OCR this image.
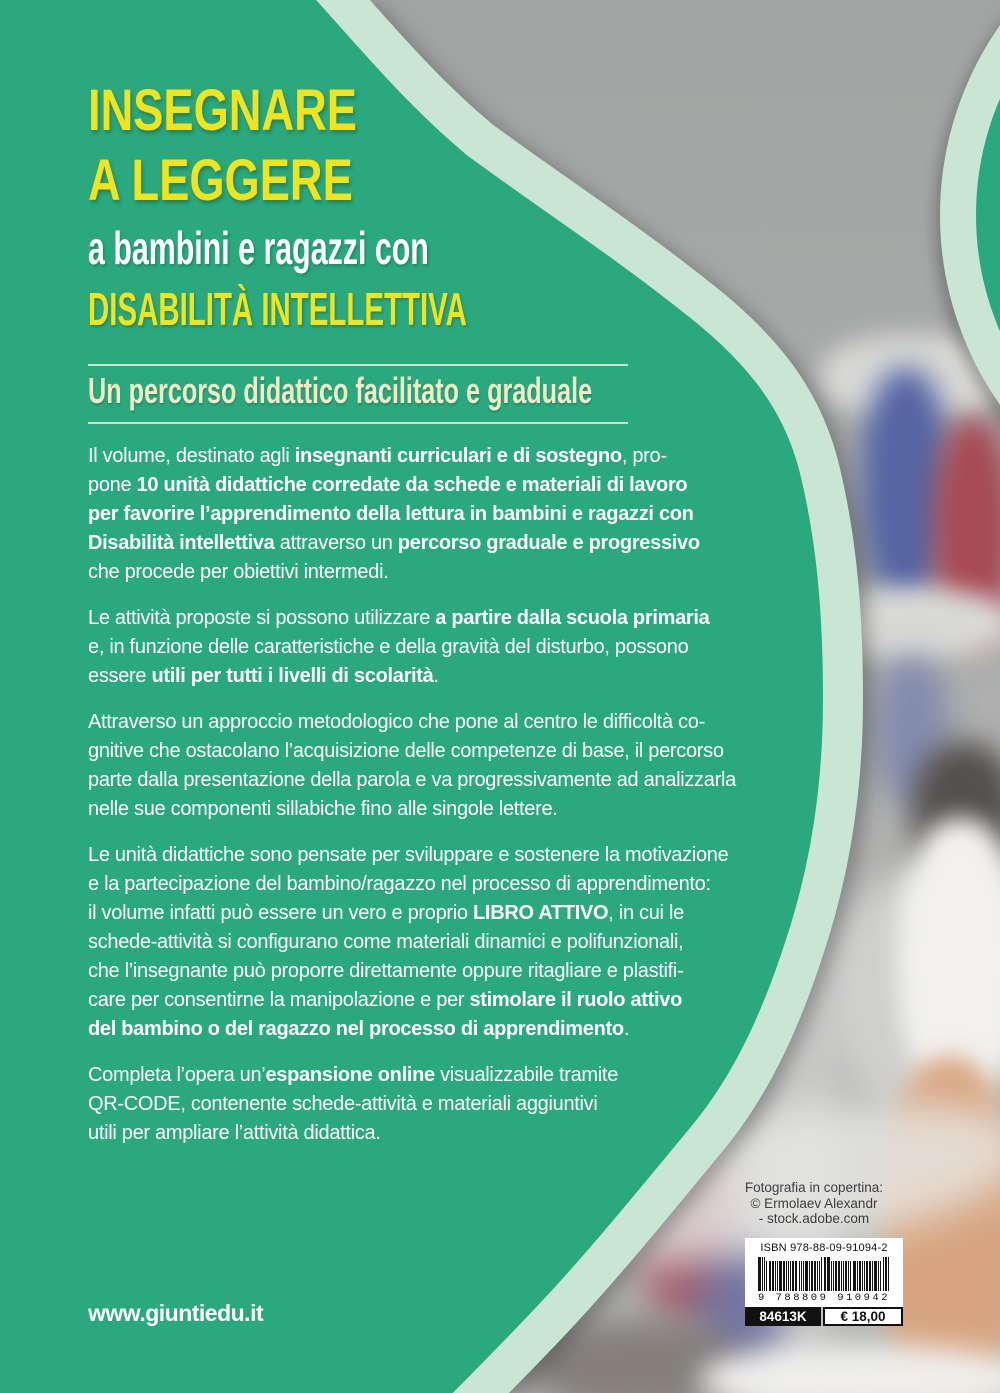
INSEGNARE
A LEGGERE
a bambini e ragazzi con
DISABILITÀ INTELLETTIVA
Un percorso didattico facilitato e graduale
Il volume, destinato agli insegnanti curriculari e di sostegno, pro-
pone 10 unità didattiche corredate da schede e materiali di lavoro
per favorire l’apprendimento della lettura in bambini e ragazzi con
Disabilità intellettiva attraverso un percorso graduale e progressivo
che procede per obiettivi intermedi.
Le attività proposte si possono utilizzare a partire dalla scuola primaria
e, in funzione delle caratteristiche e della gravità del disturbo, possono
essere utili per tutti i livelli di scolarità.
Attraverso un approccio metodologico che pone al centro le difficoltà co-
gnitive che ostacolano l’acquisizione delle competenze di base, il percorso
parte dalla presentazione della parola e va progressivamente ad analizzarla
nelle sue componenti sillabiche fino alle singole lettere.
Le unità didattiche sono pensate per sviluppare e sostenere la motivazione
e la partecipazione del bambino/ragazzo nel processo di apprendimento:
il volume infatti può essere un vero e proprio LIBRO ATTIVO, in cui le
schede-attività si configurano come materiali dinamici e polifunzionali,
che l’insegnante può proporre direttamente oppure ritagliare e plastifi-
care per consentirne la manipolazione e per stimolare il ruolo attivo
del bambino o del ragazzo nel processo di apprendimento.
Completa l’opera un’espansione online visualizzabile tramite
QR-CODE, contenente schede-attività e materiali aggiuntivi
utili per ampliare l’attività didattica.
Fotografia in copertina:
© Ermolaev Alexandr
- stock.adobe.com
ISBN 978-88-09-91094-2
9 788809 910942
84613K	€ 18,00
www.giuntiedu.it
